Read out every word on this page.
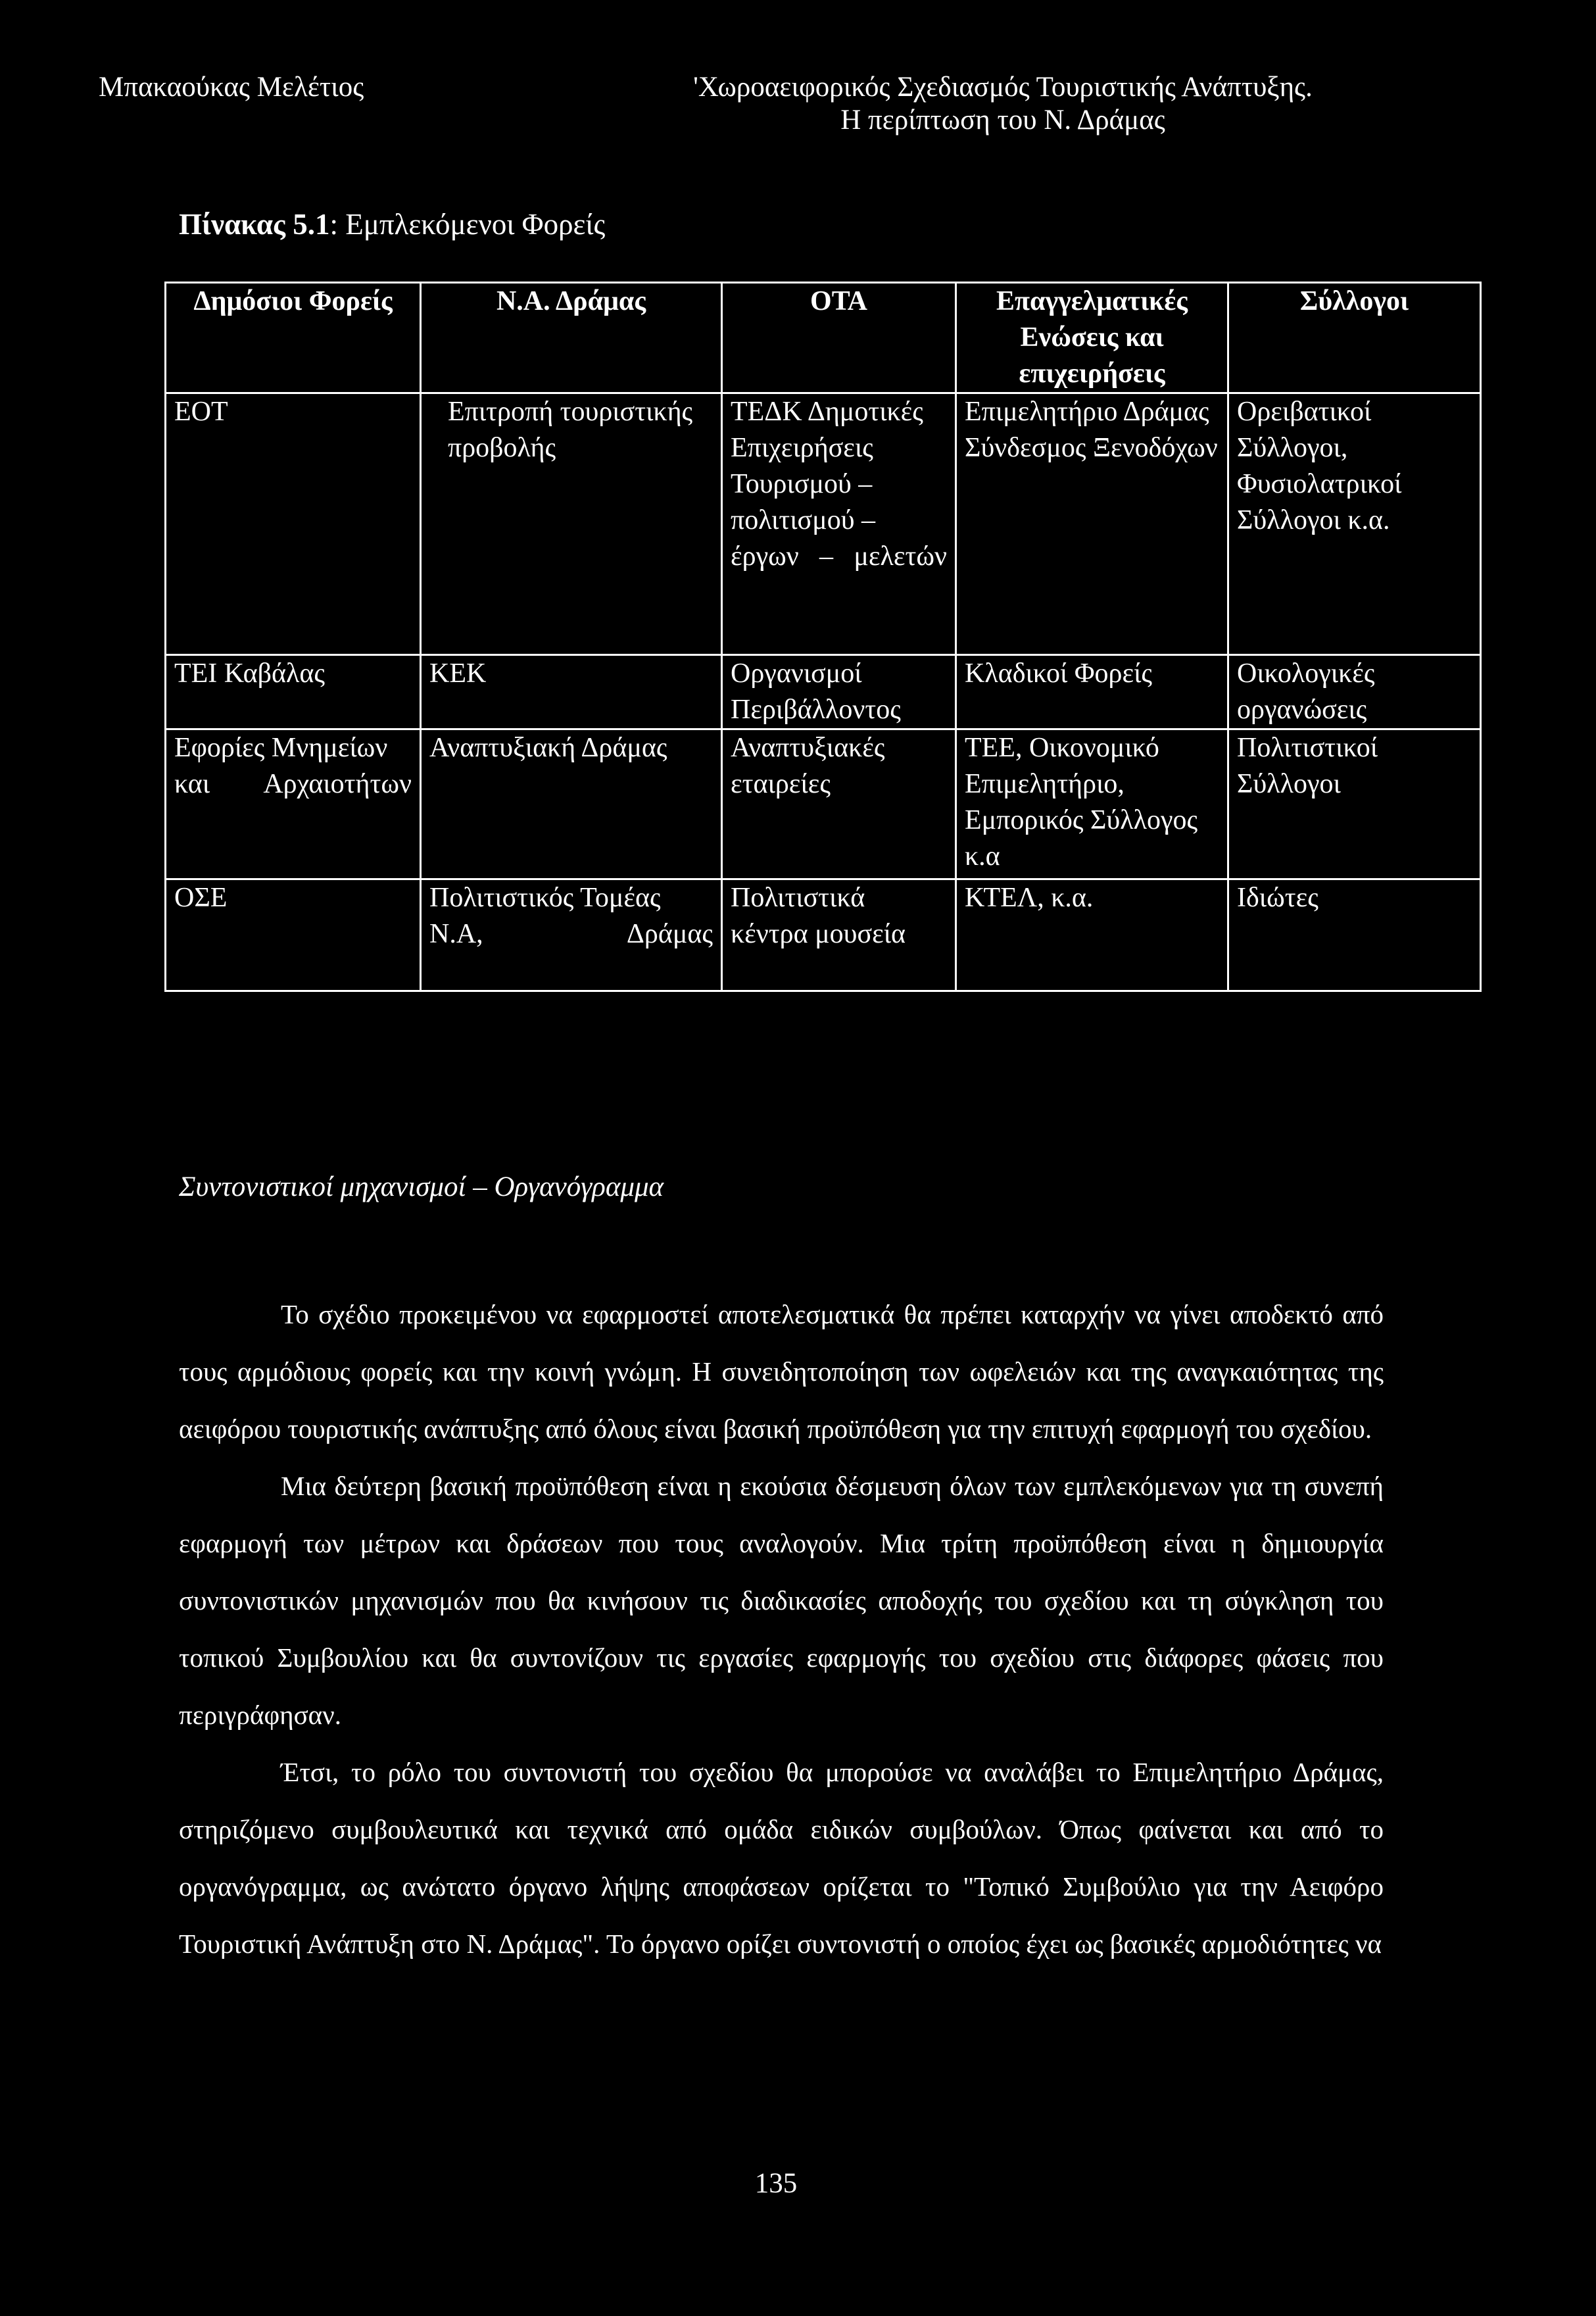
Μπακαούκας Μελέτιος	'Χωροαειφορικός Σχεδιασμός Τουριστικής Ανάπτυξης.
Η περίπτωση του Ν. Δράμας
Πίνακας 5.1: Εμπλεκόμενοι Φορείς
Δημόσιοι Φορείς	Ν.Α. Δράμας	ΟΤΑ	Επαγγελματικές Ενώσεις και επιχειρήσεις	Σύλλογοι
ΕΟΤ	Επιτροπή τουριστικής προβολής	ΤΕΔΚ Δημοτικές Επιχειρήσεις Τουρισμού – πολιτισμού – έργων – μελετών	Επιμελητήριο Δράμας Σύνδεσμος Ξενοδόχων	Ορειβατικοί Σύλλογοι, Φυσιολατρικοί Σύλλογοι κ.α.
ΤΕΙ Καβάλας	ΚΕΚ	Οργανισμοί Περιβάλλοντος	Κλαδικοί Φορείς	Οικολογικές οργανώσεις
Εφορίες Μνημείων και Αρχαιοτήτων	Αναπτυξιακή Δράμας	Αναπτυξιακές εταιρείες	ΤΕΕ, Οικονομικό Επιμελητήριο, Εμπορικός Σύλλογος κ.α	Πολιτιστικοί Σύλλογοι
ΟΣΕ	Πολιτιστικός Τομέας Ν.Α, Δράμας	Πολιτιστικά κέντρα μουσεία	ΚΤΕΛ, κ.α.	Ιδιώτες
Συντονιστικοί μηχανισμοί – Οργανόγραμμα

Το σχέδιο προκειμένου να εφαρμοστεί αποτελεσματικά θα πρέπει καταρχήν να γίνει αποδεκτό από τους αρμόδιους φορείς και την κοινή γνώμη. Η συνειδητοποίηση των ωφελειών και της αναγκαιότητας της αειφόρου τουριστικής ανάπτυξης από όλους είναι βασική προϋπόθεση για την επιτυχή εφαρμογή του σχεδίου.

Μια δεύτερη βασική προϋπόθεση είναι η εκούσια δέσμευση όλων των εμπλεκόμενων για τη συνεπή εφαρμογή των μέτρων και δράσεων που τους αναλογούν. Μια τρίτη προϋπόθεση είναι η δημιουργία συντονιστικών μηχανισμών που θα κινήσουν τις διαδικασίες αποδοχής του σχεδίου και τη σύγκληση του τοπικού Συμβουλίου και θα συντονίζουν τις εργασίες εφαρμογής του σχεδίου στις διάφορες φάσεις που περιγράφησαν.

Έτσι, το ρόλο του συντονιστή του σχεδίου θα μπορούσε να αναλάβει το Επιμελητήριο Δράμας, στηριζόμενο συμβουλευτικά και τεχνικά από ομάδα ειδικών συμβούλων. Όπως φαίνεται και από το οργανόγραμμα, ως ανώτατο όργανο λήψης αποφάσεων ορίζεται το "Τοπικό Συμβούλιο για την Αειφόρο Τουριστική Ανάπτυξη στο Ν. Δράμας". Το όργανο ορίζει συντονιστή ο οποίος έχει ως βασικές αρμοδιότητες να

135
